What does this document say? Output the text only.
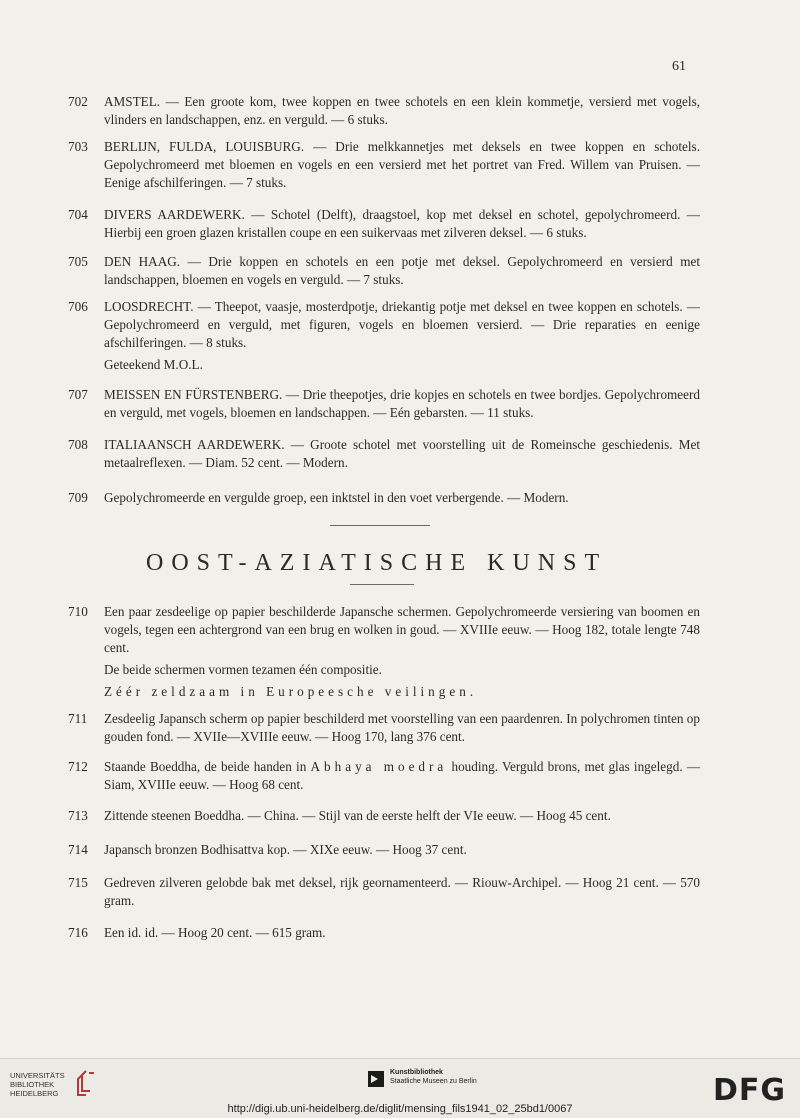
61
702	AMSTEL. — Een groote kom, twee koppen en twee schotels en een klein kommetje, versierd met vogels, vlinders en landschappen, enz. en verguld. — 6 stuks.

703	BERLIJN, FULDA, LOUISBURG. — Drie melkkannetjes met deksels en twee koppen en schotels. Gepolychromeerd met bloemen en vogels en een versierd met het portret van Fred. Willem van Pruisen. — Eenige afschilferingen. — 7 stuks.

704	DIVERS AARDEWERK. — Schotel (Delft), draagstoel, kop met deksel en schotel, gepolychromeerd. — Hierbij een groen glazen kristallen coupe en een suikervaas met zilveren deksel. — 6 stuks.

705	DEN HAAG. — Drie koppen en schotels en een potje met deksel. Gepolychromeerd en versierd met landschappen, bloemen en vogels en verguld. — 7 stuks.

706	LOOSDRECHT. — Theepot, vaasje, mosterdpotje, driekantig potje met deksel en twee koppen en schotels. — Gepolychromeerd en verguld, met figuren, vogels en bloemen versierd. — Drie reparaties en eenige afschilferingen. — 8 stuks.

Geteekend M.O.L.

707	MEISSEN EN FÜRSTENBERG. — Drie theepotjes, drie kopjes en schotels en twee bordjes. Gepolychromeerd en verguld, met vogels, bloemen en landschappen. — Eén gebarsten. — 11 stuks.

708	ITALIAANSCH AARDEWERK. — Groote schotel met voorstelling uit de Romeinsche geschiedenis. Met metaalreflexen. — Diam. 52 cent. — Modern.

709	Gepolychromeerde en vergulde groep, een inktstel in den voet verbergende. — Modern.

OOST-AZIATISCHE KUNST
710	Een paar zesdeelige op papier beschilderde Japansche schermen. Gepolychromeerde versiering van boomen en vogels, tegen een achtergrond van een brug en wolken in goud. — XVIIIe eeuw. — Hoog 182, totale lengte 748 cent.

De beide schermen vormen tezamen één compositie.

Zéér zeldzaam in Europeesche veilingen.

711	Zesdeelig Japansch scherm op papier beschilderd met voorstelling van een paardenren. In polychromen tinten op gouden fond. — XVIIe—XVIIIe eeuw. — Hoog 170, lang 376 cent.

712	Staande Boeddha, de beide handen in Abhaya moedra houding. Verguld brons, met glas ingelegd. — Siam, XVIIIe eeuw. — Hoog 68 cent.

713	Zittende steenen Boeddha. — China. — Stijl van de eerste helft der VIe eeuw. — Hoog 45 cent.

714	Japansch bronzen Bodhisattva kop. — XIXe eeuw. — Hoog 37 cent.

715	Gedreven zilveren gelobde bak met deksel, rijk geornamenteerd. — Riouw-Archipel. — Hoog 21 cent. — 570 gram.

716	Een id. id. — Hoog 20 cent. — 615 gram.

UNIVERSITÄTS
BIBLIOTHEK
HEIDELBERG
Kunstbibliothek
Staatliche Museen zu Berlin	DFG
http://digi.ub.uni-heidelberg.de/diglit/mensing_fils1941_02_25bd1/0067
